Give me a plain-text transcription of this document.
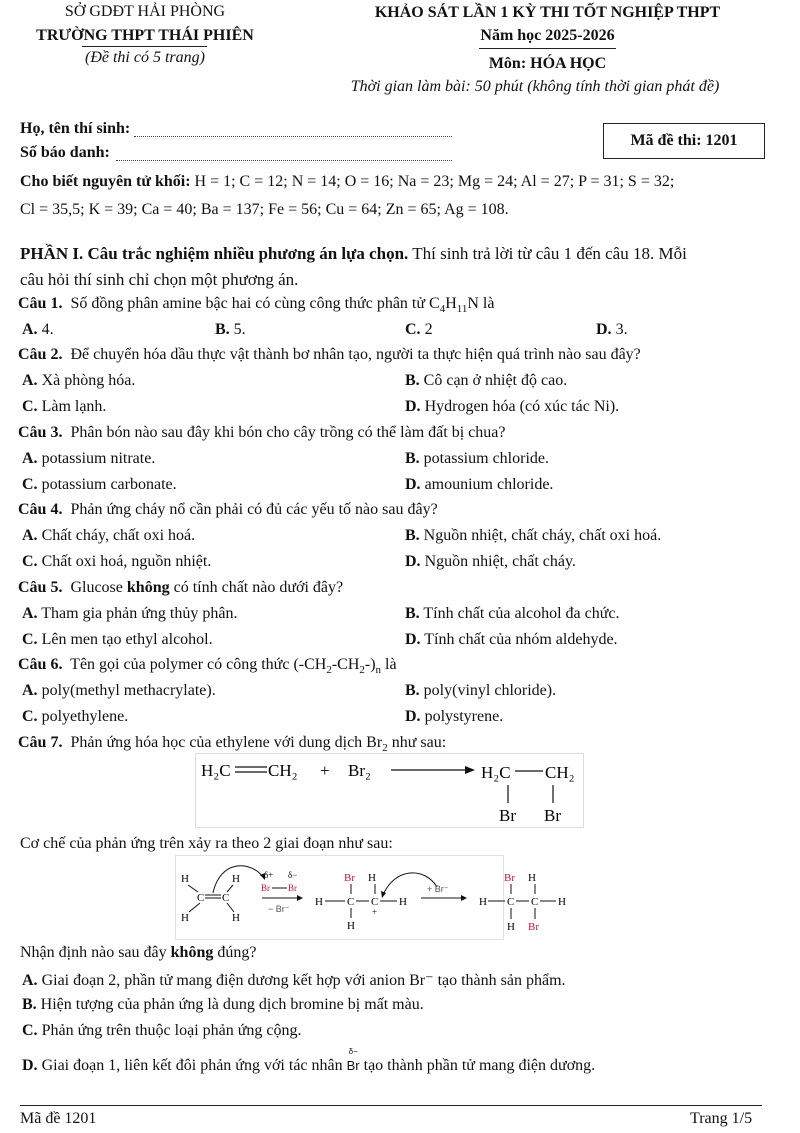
SỞ GDĐT HẢI PHÒNG
TRƯỜNG THPT THÁI PHIÊN
(Đề thi có 5 trang)
KHẢO SÁT LẦN 1 KỲ THI TỐT NGHIỆP THPT
Năm học 2025-2026
Môn: HÓA HỌC
Thời gian làm bài: 50 phút (không tính thời gian phát đề)
Họ, tên thí sinh:
Số báo danh:
Mã đề thi: 1201
Cho biết nguyên tử khối: H = 1; C = 12; N = 14; O = 16; Na = 23; Mg = 24; Al = 27; P = 31; S = 32;
Cl = 35,5; K = 39; Ca = 40; Ba = 137; Fe = 56; Cu = 64; Zn = 65; Ag = 108.
PHẦN I. Câu trắc nghiệm nhiều phương án lựa chọn. Thí sinh trả lời từ câu 1 đến câu 18. Mỗi
câu hỏi thí sinh chỉ chọn một phương án.
Câu 1. Số đồng phân amine bậc hai có cùng công thức phân tử $C_4H_{11}N$ là
A. 4.	B. 5.	C. 2	D. 3.
Câu 2. Để chuyển hóa dầu thực vật thành bơ nhân tạo, người ta thực hiện quá trình nào sau đây?
A. Xà phòng hóa.	B. Cô cạn ở nhiệt độ cao.
C. Làm lạnh.	D. Hydrogen hóa (có xúc tác Ni).
Câu 3. Phân bón nào sau đây khi bón cho cây trồng có thể làm đất bị chua?
A. potassium nitrate.	B. potassium chloride.
C. potassium carbonate.	D. amounium chloride.
Câu 4. Phản ứng cháy nổ cần phải có đủ các yếu tố nào sau đây?
A. Chất cháy, chất oxi hoá.	B. Nguồn nhiệt, chất cháy, chất oxi hoá.
C. Chất oxi hoá, nguồn nhiệt.	D. Nguồn nhiệt, chất cháy.
Câu 5. Glucose không có tính chất nào dưới đây?
A. Tham gia phản ứng thủy phân.	B. Tính chất của alcohol đa chức.
C. Lên men tạo ethyl alcohol.	D. Tính chất của nhóm aldehyde.
Câu 6. Tên gọi của polymer có công thức $(-CH_2-CH_2-)_n$ là
A. poly(methyl methacrylate).	B. poly(vinyl chloride).
C. polyethylene.	D. polystyrene.
Câu 7. Phản ứng hóa học của ethylene với dung dịch $Br_2$ như sau:
H₂C CH₂ + Br₂	H₂C CH₂
Br Br
Cơ chế của phản ứng trên xảy ra theo 2 giai đoạn như sau:
H	H
C C
H	H
δ+ δ−
Br Br
− Br⁻
Br H
H C C H
H
+
+ Br⁻
Br H
H C C H
H Br
Nhận định nào sau đây không đúng?
A. Giai đoạn 2, phần tử mang điện dương kết hợp với anion Br⁻ tạo thành sản phẩm.
B. Hiện tượng của phản ứng là dung dịch bromine bị mất màu.
C. Phản ứng trên thuộc loại phản ứng cộng.
D. Giai đoạn 1, liên kết đôi phản ứng với tác nhân
δ−
Br tạo thành phần tử mang điện dương.
Mã đề 1201	Trang 1/5
